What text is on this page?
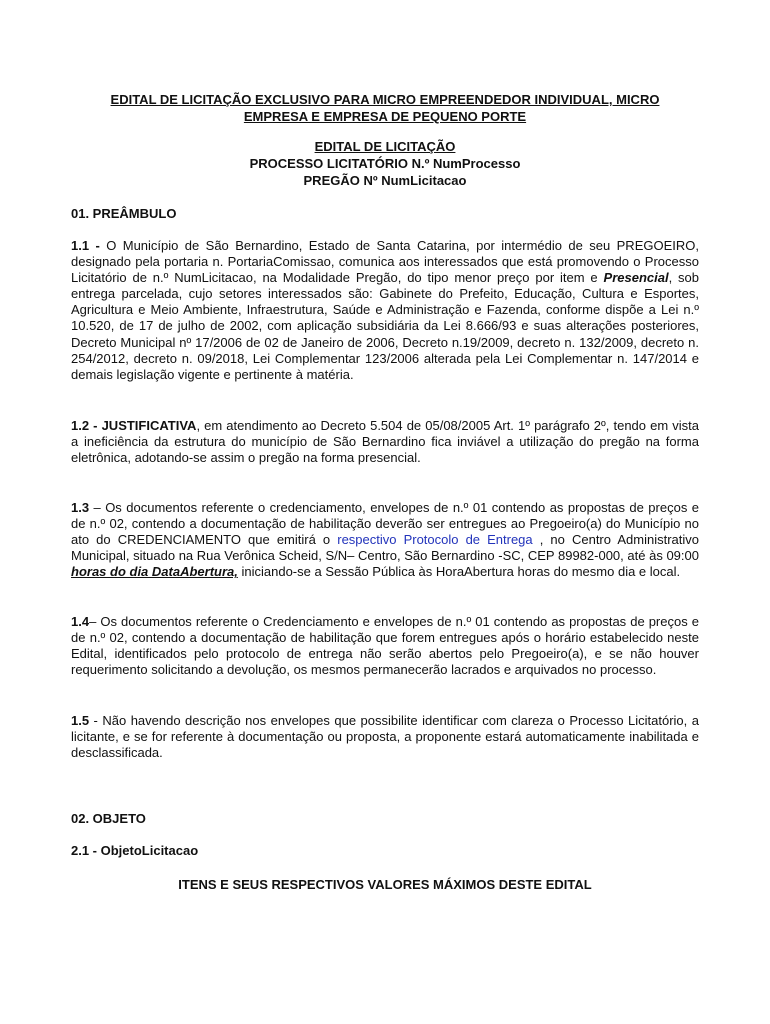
EDITAL DE LICITAÇÃO EXCLUSIVO PARA MICRO EMPREENDEDOR INDIVIDUAL, MICRO
EMPRESA E EMPRESA DE PEQUENO PORTE
EDITAL DE LICITAÇÃO
PROCESSO LICITATÓRIO N.º NumProcesso
PREGÃO Nº NumLicitacao
01. PREÂMBULO
1.1 - O Município de São Bernardino, Estado de Santa Catarina, por intermédio de seu PREGOEIRO, designado pela portaria n. PortariaComissao, comunica aos interessados que está promovendo o Processo Licitatório de n.º NumLicitacao, na Modalidade Pregão, do tipo menor preço por item e Presencial, sob entrega parcelada, cujo setores interessados são: Gabinete do Prefeito, Educação, Cultura e Esportes, Agricultura e Meio Ambiente, Infraestrutura, Saúde e Administração e Fazenda, conforme dispõe a Lei n.º 10.520, de 17 de julho de 2002, com aplicação subsidiária da Lei 8.666/93 e suas alterações posteriores, Decreto Municipal nº 17/2006 de 02 de Janeiro de 2006, Decreto n.19/2009, decreto n. 132/2009, decreto n. 254/2012, decreto n. 09/2018, Lei Complementar 123/2006 alterada pela Lei Complementar n. 147/2014 e demais legislação vigente e pertinente à matéria.
1.2 - JUSTIFICATIVA, em atendimento ao Decreto 5.504 de 05/08/2005 Art. 1º parágrafo 2º, tendo em vista a ineficiência da estrutura do município de São Bernardino fica inviável a utilização do pregão na forma eletrônica, adotando-se assim o pregão na forma presencial.
1.3 – Os documentos referente o credenciamento, envelopes de n.º 01 contendo as propostas de preços e de n.º 02, contendo a documentação de habilitação deverão ser entregues ao Pregoeiro(a) do Município no ato do CREDENCIAMENTO que emitirá o respectivo Protocolo de Entrega , no Centro Administrativo Municipal, situado na Rua Verônica Scheid, S/N– Centro, São Bernardino -SC, CEP 89982-000, até às 09:00 horas do dia DataAbertura, iniciando-se a Sessão Pública às HoraAbertura horas do mesmo dia e local.
1.4– Os documentos referente o Credenciamento e envelopes de n.º 01 contendo as propostas de preços e de n.º 02, contendo a documentação de habilitação que forem entregues após o horário estabelecido neste Edital, identificados pelo protocolo de entrega não serão abertos pelo Pregoeiro(a), e se não houver requerimento solicitando a devolução, os mesmos permanecerão lacrados e arquivados no processo.
1.5 - Não havendo descrição nos envelopes que possibilite identificar com clareza o Processo Licitatório, a licitante, e se for referente à documentação ou proposta, a proponente estará automaticamente inabilitada e desclassificada.
02. OBJETO
2.1 - ObjetoLicitacao
ITENS E SEUS RESPECTIVOS VALORES MÁXIMOS DESTE EDITAL
